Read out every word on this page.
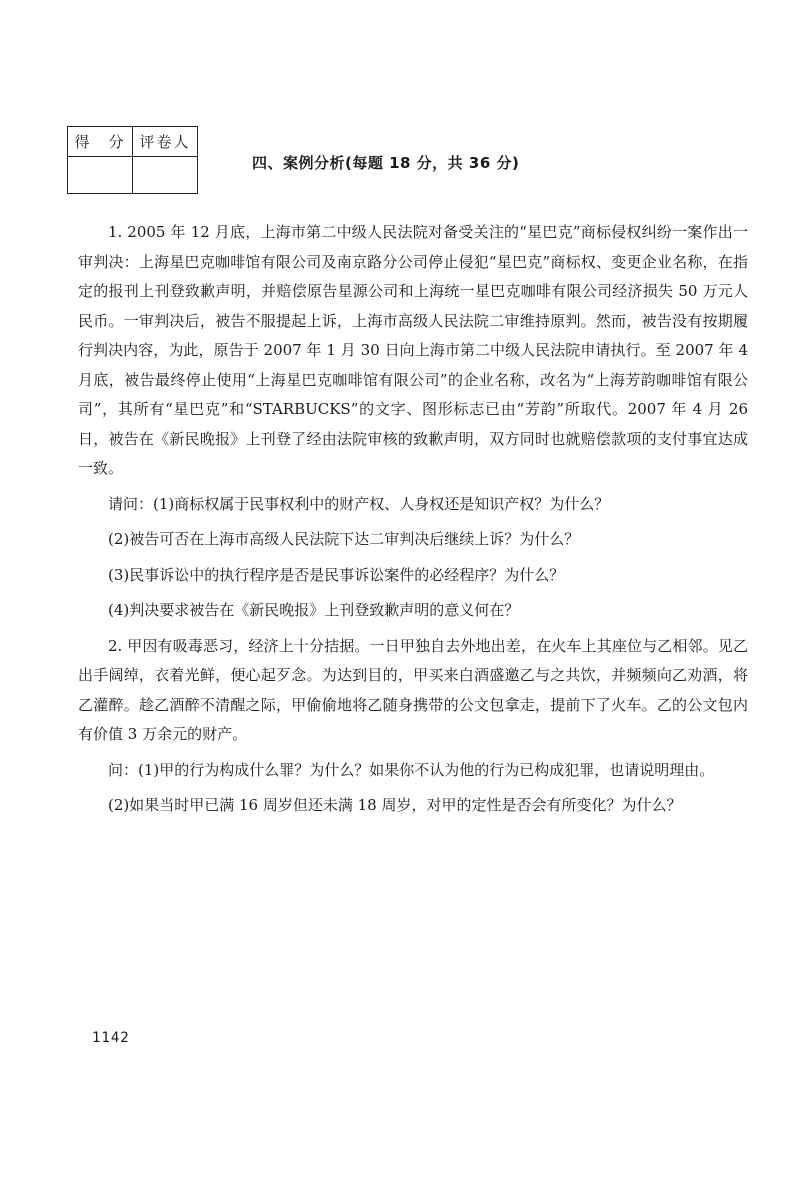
得　分	评卷人

四、案例分析(每题 18 分，共 36 分)

1. 2005 年 12 月底，上海市第二中级人民法院对备受关注的“星巴克”商标侵权纠纷一案作出一审判决：上海星巴克咖啡馆有限公司及南京路分公司停止侵犯“星巴克”商标权、变更企业名称，在指定的报刊上刊登致歉声明，并赔偿原告星源公司和上海统一星巴克咖啡有限公司经济损失 50 万元人民币。一审判决后，被告不服提起上诉，上海市高级人民法院二审维持原判。然而，被告没有按期履行判决内容，为此，原告于 2007 年 1 月 30 日向上海市第二中级人民法院申请执行。至 2007 年 4 月底，被告最终停止使用“上海星巴克咖啡馆有限公司”的企业名称，改名为“上海芳韵咖啡馆有限公司”，其所有“星巴克”和“STARBUCKS”的文字、图形标志已由“芳韵”所取代。2007 年 4 月 26 日，被告在《新民晚报》上刊登了经由法院审核的致歉声明，双方同时也就赔偿款项的支付事宜达成一致。

请问：(1)商标权属于民事权利中的财产权、人身权还是知识产权？为什么？

(2)被告可否在上海市高级人民法院下达二审判决后继续上诉？为什么？

(3)民事诉讼中的执行程序是否是民事诉讼案件的必经程序？为什么？

(4)判决要求被告在《新民晚报》上刊登致歉声明的意义何在？

2. 甲因有吸毒恶习，经济上十分拮据。一日甲独自去外地出差，在火车上其座位与乙相邻。见乙出手阔绰，衣着光鲜，便心起歹念。为达到目的，甲买来白酒盛邀乙与之共饮，并频频向乙劝酒，将乙灌醉。趁乙酒醉不清醒之际，甲偷偷地将乙随身携带的公文包拿走，提前下了火车。乙的公文包内有价值 3 万余元的财产。

问：(1)甲的行为构成什么罪？为什么？如果你不认为他的行为已构成犯罪，也请说明理由。

(2)如果当时甲已满 16 周岁但还未满 18 周岁，对甲的定性是否会有所变化？为什么？

1142
